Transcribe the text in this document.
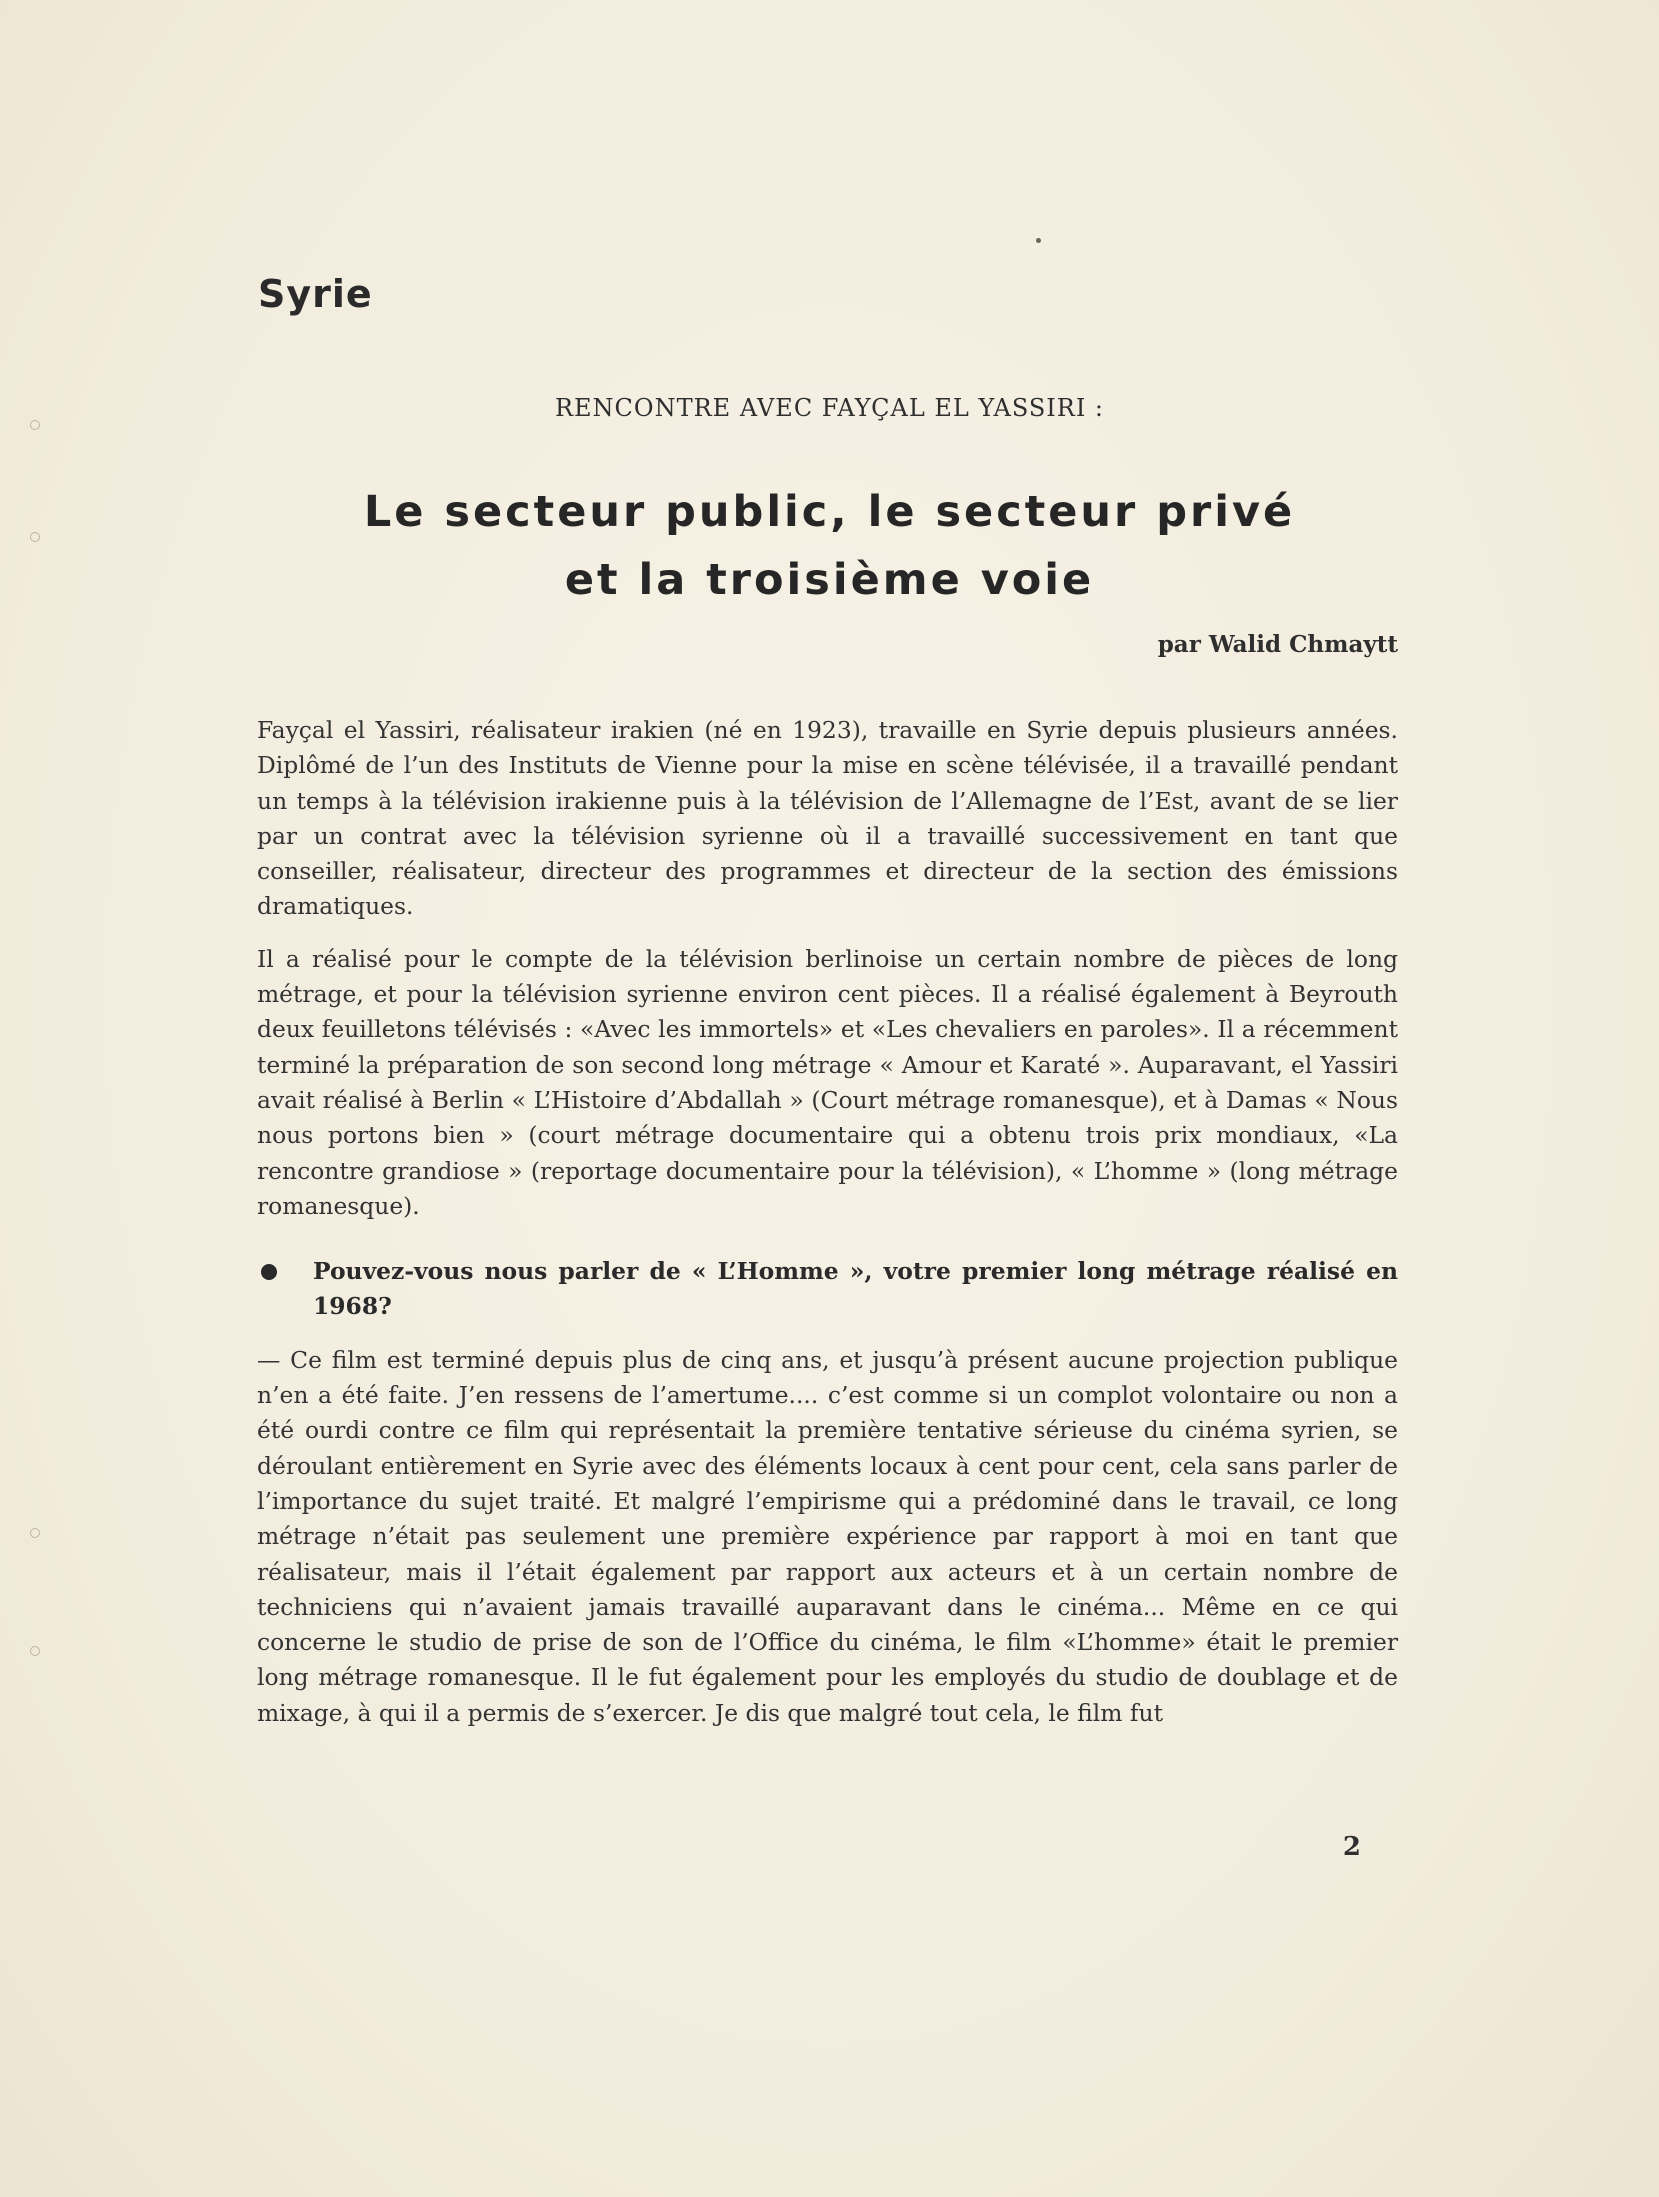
Syrie

RENCONTRE AVEC FAYÇAL EL YASSIRI :

Le secteur public, le secteur privé
et la troisième voie

par Walid Chmaytt

Fayçal el Yassiri, réalisateur irakien (né en 1923), travaille en Syrie depuis plusieurs années. Diplômé de l’un des Instituts de Vienne pour la mise en scène télévisée, il a travaillé pendant un temps à la télévision irakienne puis à la télévision de l’Allemagne de l’Est, avant de se lier par un contrat avec la télévision syrienne où il a travaillé successivement en tant que conseiller, réalisateur, directeur des programmes et directeur de la section des émissions dramatiques.

Il a réalisé pour le compte de la télévision berlinoise un certain nombre de pièces de long métrage, et pour la télévision syrienne environ cent pièces. Il a réalisé également à Beyrouth deux feuilletons télévisés : «Avec les immortels» et «Les chevaliers en paroles». Il a récemment terminé la préparation de son second long métrage « Amour et Karaté ». Auparavant, el Yassiri avait réalisé à Berlin « L’Histoire d’Abdallah » (Court métrage romanesque), et à Damas « Nous nous portons bien » (court métrage documentaire qui a obtenu trois prix mondiaux, «La rencontre grandiose » (reportage documentaire pour la télévision), « L’homme » (long métrage romanesque).

Pouvez-vous nous parler de « L’Homme », votre premier long métrage réalisé en 1968?

— Ce film est terminé depuis plus de cinq ans, et jusqu’à présent aucune projection publique n’en a été faite. J’en ressens de l’amertume.... c’est comme si un complot volontaire ou non a été ourdi contre ce film qui représentait la première tentative sérieuse du cinéma syrien, se déroulant entièrement en Syrie avec des éléments locaux à cent pour cent, cela sans parler de l’importance du sujet traité. Et malgré l’empirisme qui a prédominé dans le travail, ce long métrage n’était pas seulement une première expérience par rapport à moi en tant que réalisateur, mais il l’était également par rapport aux acteurs et à un certain nombre de techniciens qui n’avaient jamais travaillé auparavant dans le cinéma... Même en ce qui concerne le studio de prise de son de l’Office du cinéma, le film «L’homme» était le premier long métrage romanesque. Il le fut également pour les employés du studio de doublage et de mixage, à qui il a permis de s’exercer. Je dis que malgré tout cela, le film fut

2
